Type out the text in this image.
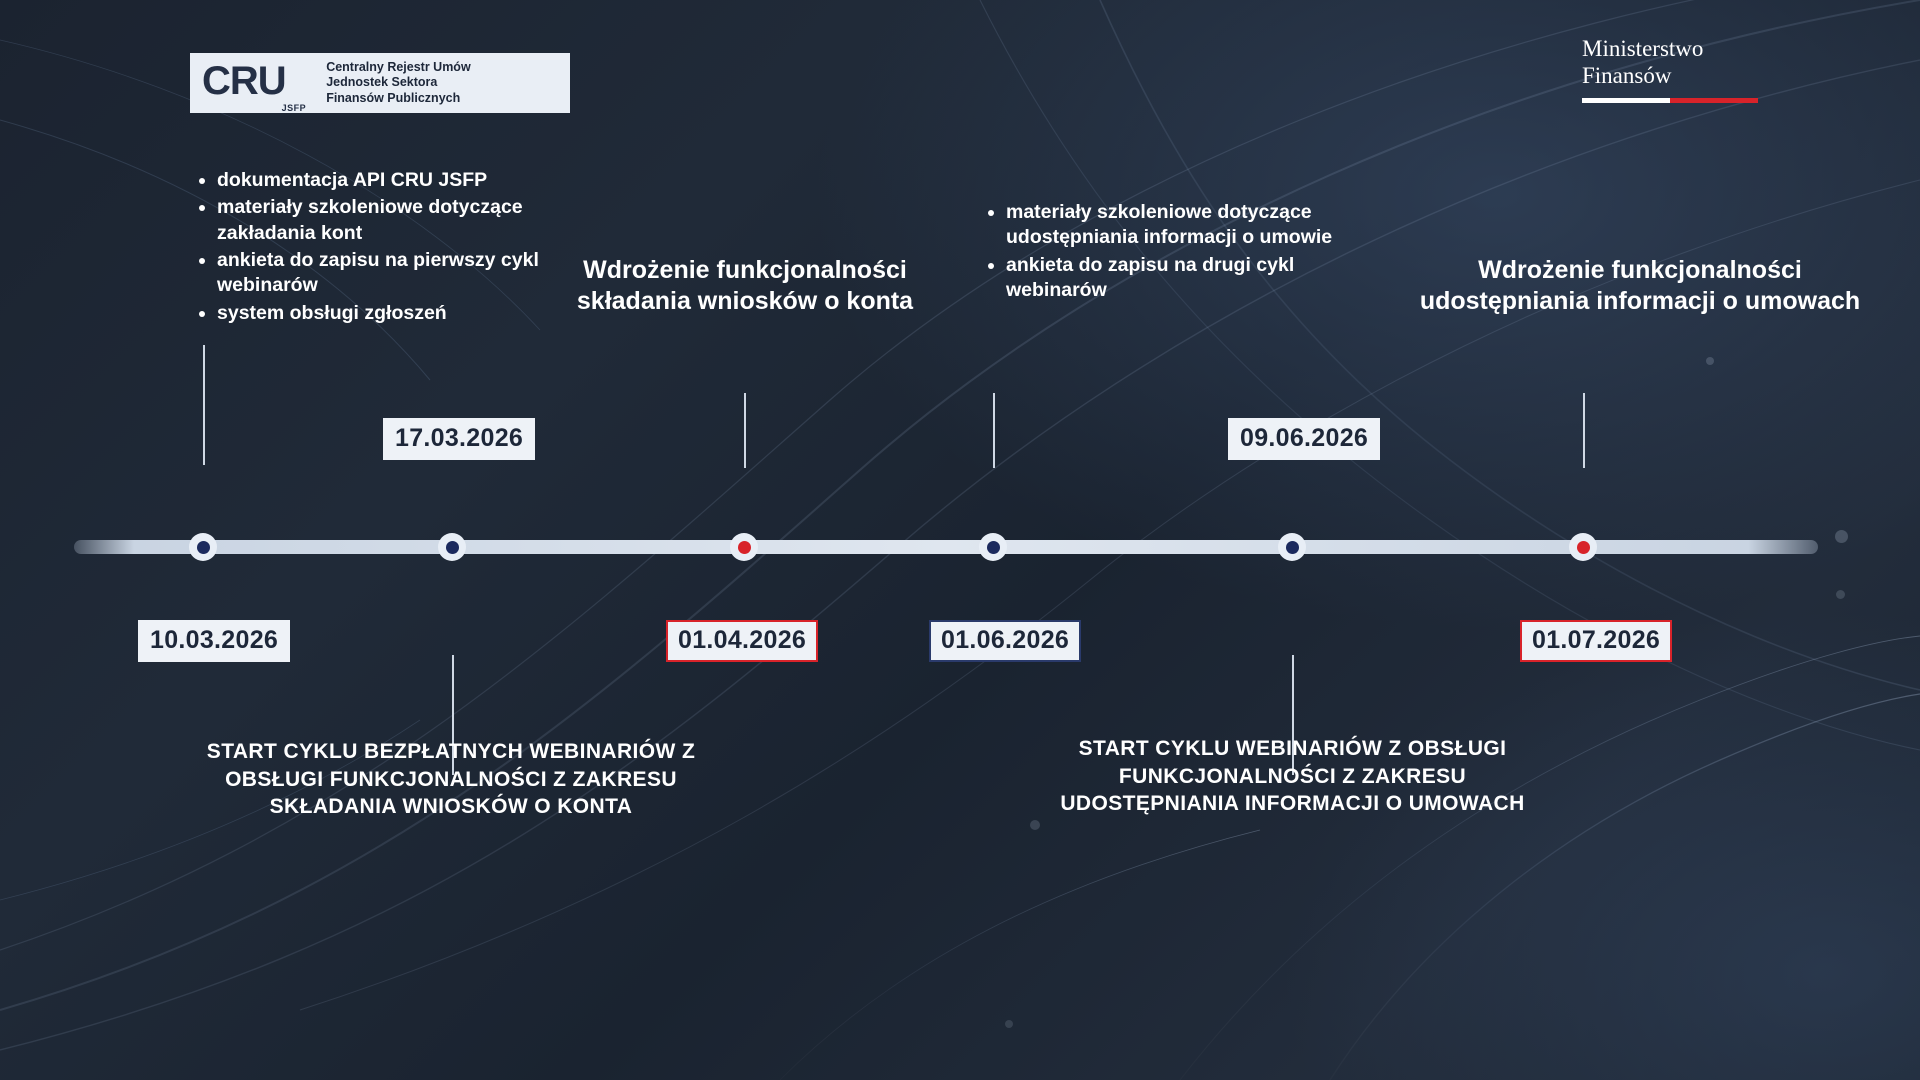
$CRU_{JSFP}$
Centralny Rejestr Umów
Jednostek Sektora
Finansów Publicznych
Ministerstwo
Finansów
• dokumentacja API CRU JSFP
• materiały szkoleniowe dotyczące zakładania kont
• ankieta do zapisu na pierwszy cykl webinarów
• system obsługi zgłoszeń
Wdrożenie funkcjonalności składania wniosków o konta
• materiały szkoleniowe dotyczące udostępniania informacji o umowie
• ankieta do zapisu na drugi cykl webinarów
Wdrożenie funkcjonalności udostępniania informacji o umowach
17.03.2026	09.06.2026
10.03.2026	01.04.2026	01.06.2026	01.07.2026
START CYKLU BEZPŁATNYCH WEBINARIÓW Z OBSŁUGI FUNKCJONALNOŚCI Z ZAKRESU SKŁADANIA WNIOSKÓW O KONTA
START CYKLU WEBINARIÓW Z OBSŁUGI FUNKCJONALNOŚCI Z ZAKRESU UDOSTĘPNIANIA INFORMACJI O UMOWACH
